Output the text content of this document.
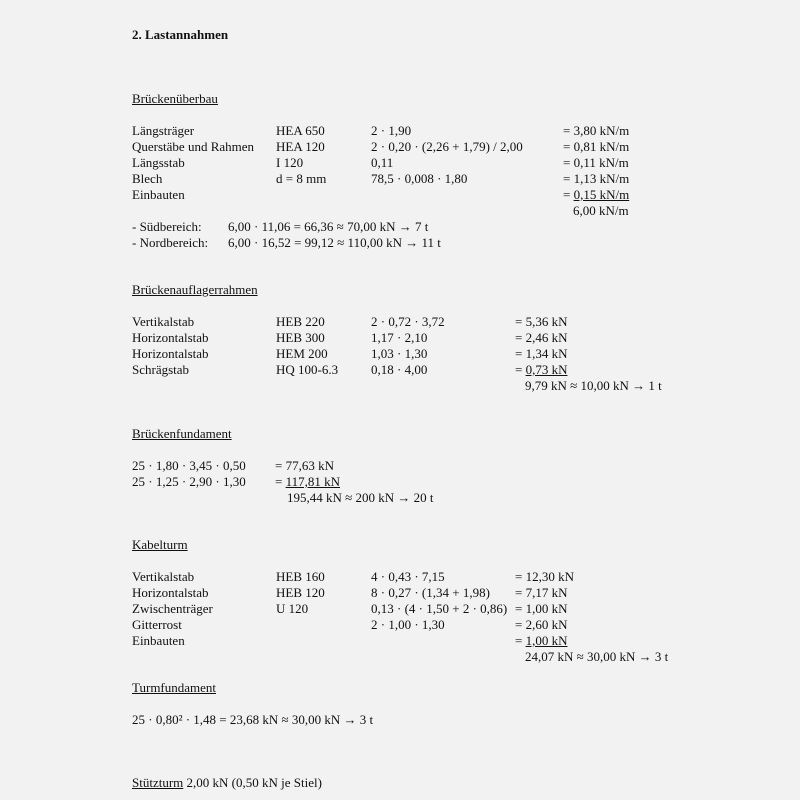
2. Lastannahmen
Brückenüberbau
Längsträger	HEA 650	2 · 1,90	= 3,80 kN/m
Querstäbe und Rahmen HEA 120	2 · 0,20 · (2,26 + 1,79) / 2,00	= 0,81 kN/m
Längsstab	I 120	0,11	= 0,11 kN/m
Blech	d = 8 mm	78,5 · 0,008 · 1,80	= 1,13 kN/m
Einbauten	= 0,15 kN/m
6,00 kN/m
- Südbereich: 6,00 · 11,06 = 66,36 ≈ 70,00 kN → 7 t
- Nordbereich: 6,00 · 16,52 = 99,12 ≈ 110,00 kN → 11 t
Brückenauflagerrahmen
Vertikalstab	HEB 220	2 · 0,72 · 3,72	= 5,36 kN
Horizontalstab	HEB 300	1,17 · 2,10	= 2,46 kN
Horizontalstab	HEM 200	1,03 · 1,30	= 1,34 kN
Schrägstab	HQ 100-6.3	0,18 · 4,00	= 0,73 kN
9,79 kN ≈ 10,00 kN → 1 t
Brückenfundament
25 · 1,80 · 3,45 · 0,50 = 77,63 kN
25 · 1,25 · 2,90 · 1,30 = 117,81 kN
195,44 kN ≈ 200 kN → 20 t
Kabelturm
Vertikalstab	HEB 160	4 · 0,43 · 7,15	= 12,30 kN
Horizontalstab	HEB 120	8 · 0,27 · (1,34 + 1,98) = 7,17 kN
Zwischenträger	U 120	0,13 · (4 · 1,50 + 2 · 0,86) = 1,00 kN
Gitterrost	2 · 1,00 · 1,30	= 2,60 kN
Einbauten	= 1,00 kN
24,07 kN ≈ 30,00 kN → 3 t
Turmfundament
25 · 0,80² · 1,48 = 23,68 kN ≈ 30,00 kN → 3 t
Stützturm 2,00 kN (0,50 kN je Stiel)
